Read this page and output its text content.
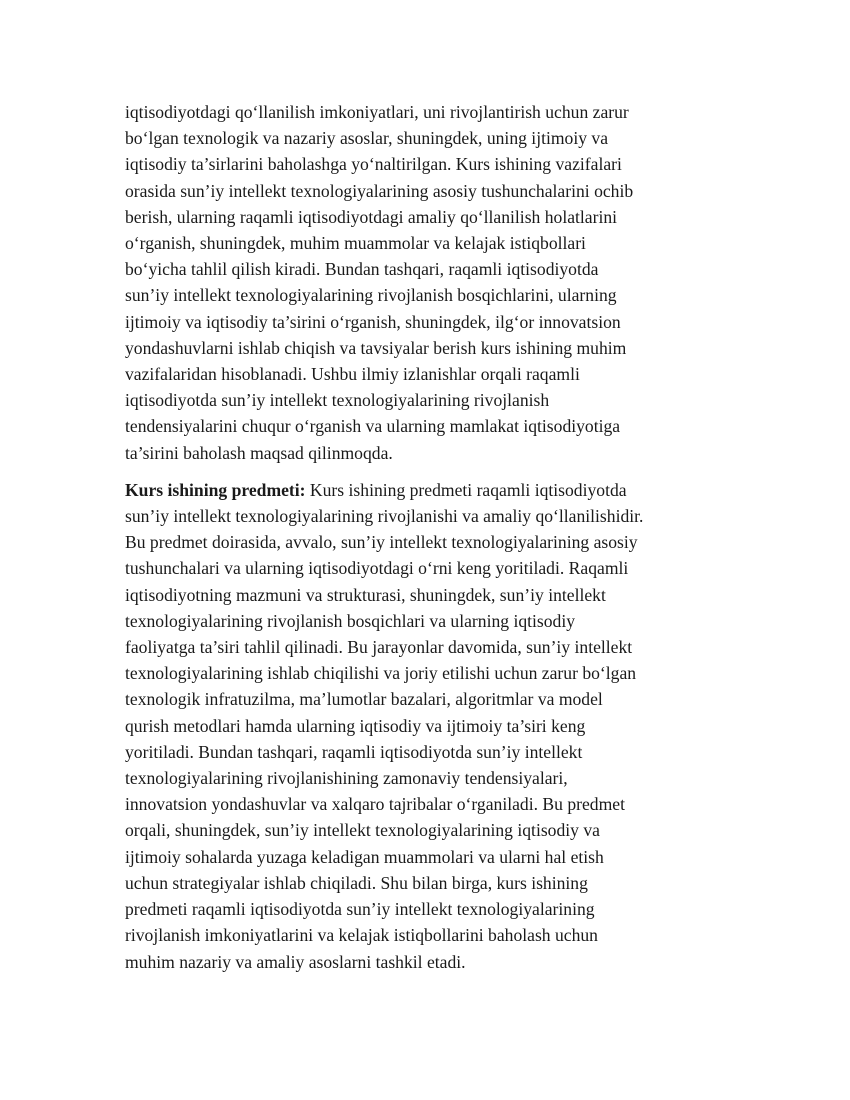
iqtisodiyotdagi qo‘llanilish imkoniyatlari, uni rivojlantirish uchun zarur
bo‘lgan texnologik va nazariy asoslar, shuningdek, uning ijtimoiy va
iqtisodiy ta’sirlarini baholashga yo‘naltirilgan. Kurs ishining vazifalari
orasida sun’iy intellekt texnologiyalarining asosiy tushunchalarini ochib
berish, ularning raqamli iqtisodiyotdagi amaliy qo‘llanilish holatlarini
o‘rganish, shuningdek, muhim muammolar va kelajak istiqbollari
bo‘yicha tahlil qilish kiradi. Bundan tashqari, raqamli iqtisodiyotda
sun’iy intellekt texnologiyalarining rivojlanish bosqichlarini, ularning
ijtimoiy va iqtisodiy ta’sirini o‘rganish, shuningdek, ilg‘or innovatsion
yondashuvlarni ishlab chiqish va tavsiyalar berish kurs ishining muhim
vazifalaridan hisoblanadi. Ushbu ilmiy izlanishlar orqali raqamli
iqtisodiyotda sun’iy intellekt texnologiyalarining rivojlanish
tendensiyalarini chuqur o‘rganish va ularning mamlakat iqtisodiyotiga
ta’sirini baholash maqsad qilinmoqda.

Kurs ishining predmeti: Kurs ishining predmeti raqamli iqtisodiyotda
sun’iy intellekt texnologiyalarining rivojlanishi va amaliy qo‘llanilishidir.
Bu predmet doirasida, avvalo, sun’iy intellekt texnologiyalarining asosiy
tushunchalari va ularning iqtisodiyotdagi o‘rni keng yoritiladi. Raqamli
iqtisodiyotning mazmuni va strukturasi, shuningdek, sun’iy intellekt
texnologiyalarining rivojlanish bosqichlari va ularning iqtisodiy
faoliyatga ta’siri tahlil qilinadi. Bu jarayonlar davomida, sun’iy intellekt
texnologiyalarining ishlab chiqilishi va joriy etilishi uchun zarur bo‘lgan
texnologik infratuzilma, ma’lumotlar bazalari, algoritmlar va model
qurish metodlari hamda ularning iqtisodiy va ijtimoiy ta’siri keng
yoritiladi. Bundan tashqari, raqamli iqtisodiyotda sun’iy intellekt
texnologiyalarining rivojlanishining zamonaviy tendensiyalari,
innovatsion yondashuvlar va xalqaro tajribalar o‘rganiladi. Bu predmet
orqali, shuningdek, sun’iy intellekt texnologiyalarining iqtisodiy va
ijtimoiy sohalarda yuzaga keladigan muammolari va ularni hal etish
uchun strategiyalar ishlab chiqiladi. Shu bilan birga, kurs ishining
predmeti raqamli iqtisodiyotda sun’iy intellekt texnologiyalarining
rivojlanish imkoniyatlarini va kelajak istiqbollarini baholash uchun
muhim nazariy va amaliy asoslarni tashkil etadi.
